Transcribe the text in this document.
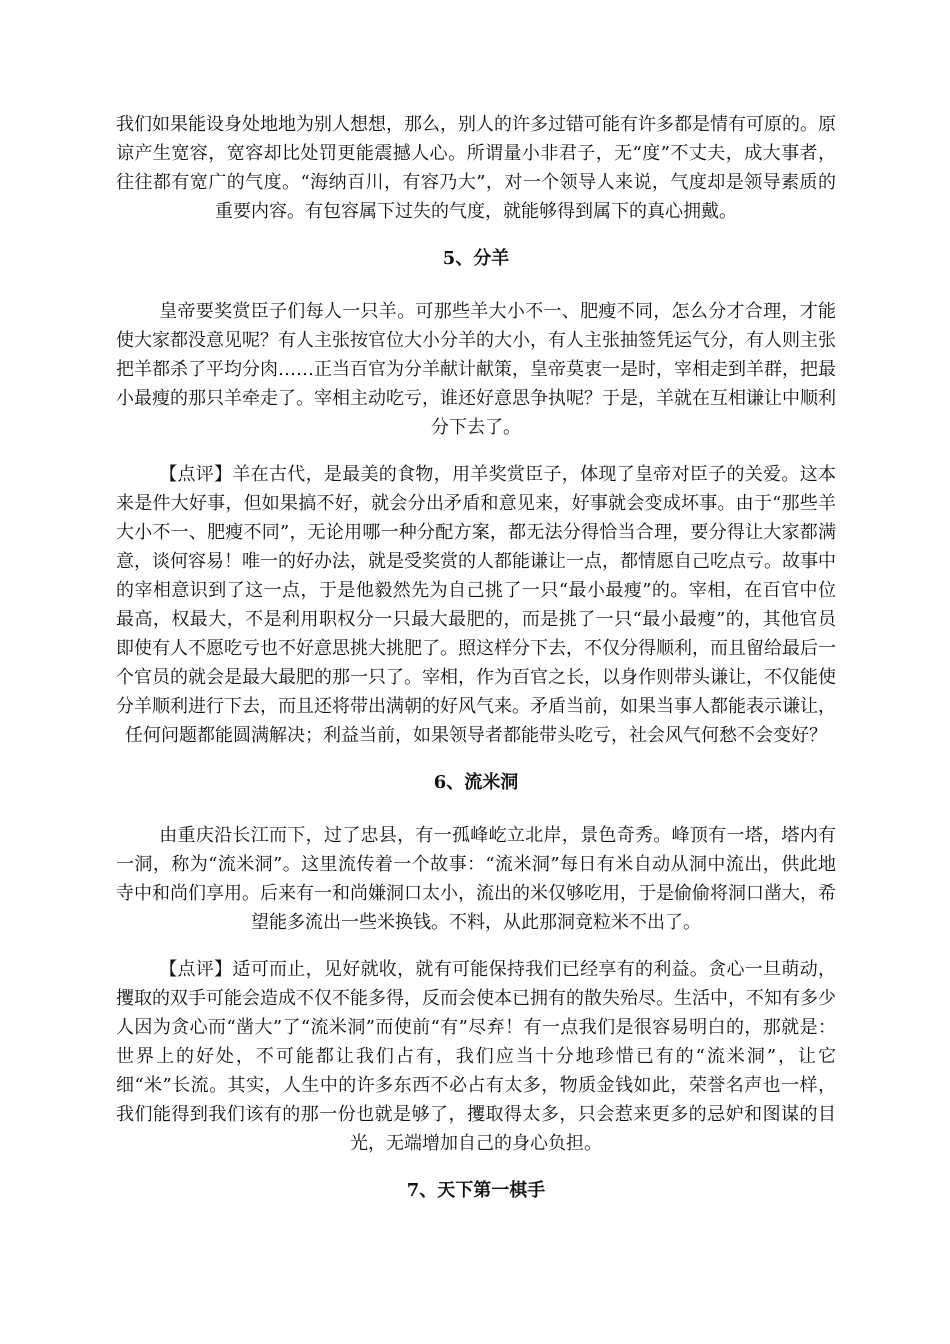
我们如果能设身处地地为别人想想，那么，别人的许多过错可能有许多都是情有可原的。原谅产生宽容，宽容却比处罚更能震撼人心。所谓量小非君子，无“度”不丈夫，成大事者，往往都有宽广的气度。“海纳百川，有容乃大”，对一个领导人来说，气度却是领导素质的重要内容。有包容属下过失的气度，就能够得到属下的真心拥戴。

5、分羊

皇帝要奖赏臣子们每人一只羊。可那些羊大小不一、肥瘦不同，怎么分才合理，才能使大家都没意见呢？有人主张按官位大小分羊的大小，有人主张抽签凭运气分，有人则主张把羊都杀了平均分肉……正当百官为分羊献计献策，皇帝莫衷一是时，宰相走到羊群，把最小最瘦的那只羊牵走了。宰相主动吃亏，谁还好意思争执呢？于是，羊就在互相谦让中顺利分下去了。

【点评】羊在古代，是最美的食物，用羊奖赏臣子，体现了皇帝对臣子的关爱。这本来是件大好事，但如果搞不好，就会分出矛盾和意见来，好事就会变成坏事。由于“那些羊大小不一、肥瘦不同”，无论用哪一种分配方案，都无法分得恰当合理，要分得让大家都满意，谈何容易！唯一的好办法，就是受奖赏的人都能谦让一点，都情愿自己吃点亏。故事中的宰相意识到了这一点，于是他毅然先为自己挑了一只“最小最瘦”的。宰相，在百官中位最高，权最大，不是利用职权分一只最大最肥的，而是挑了一只“最小最瘦”的，其他官员即使有人不愿吃亏也不好意思挑大挑肥了。照这样分下去，不仅分得顺利，而且留给最后一个官员的就会是最大最肥的那一只了。宰相，作为百官之长，以身作则带头谦让，不仅能使分羊顺利进行下去，而且还将带出满朝的好风气来。矛盾当前，如果当事人都能表示谦让，任何问题都能圆满解决；利益当前，如果领导者都能带头吃亏，社会风气何愁不会变好？

6、流米洞

由重庆沿长江而下，过了忠县，有一孤峰屹立北岸，景色奇秀。峰顶有一塔，塔内有一洞，称为“流米洞”。这里流传着一个故事：“流米洞”每日有米自动从洞中流出，供此地寺中和尚们享用。后来有一和尚嫌洞口太小，流出的米仅够吃用，于是偷偷将洞口凿大，希望能多流出一些米换钱。不料，从此那洞竟粒米不出了。

【点评】适可而止，见好就收，就有可能保持我们已经享有的利益。贪心一旦萌动，攫取的双手可能会造成不仅不能多得，反而会使本已拥有的散失殆尽。生活中，不知有多少人因为贪心而“凿大”了“流米洞”而使前“有”尽弃！有一点我们是很容易明白的，那就是：世界上的好处，不可能都让我们占有，我们应当十分地珍惜已有的“流米洞”，让它细“米”长流。其实，人生中的许多东西不必占有太多，物质金钱如此，荣誉名声也一样，我们能得到我们该有的那一份也就是够了，攫取得太多，只会惹来更多的忌妒和图谋的目光，无端增加自己的身心负担。

7、天下第一棋手
